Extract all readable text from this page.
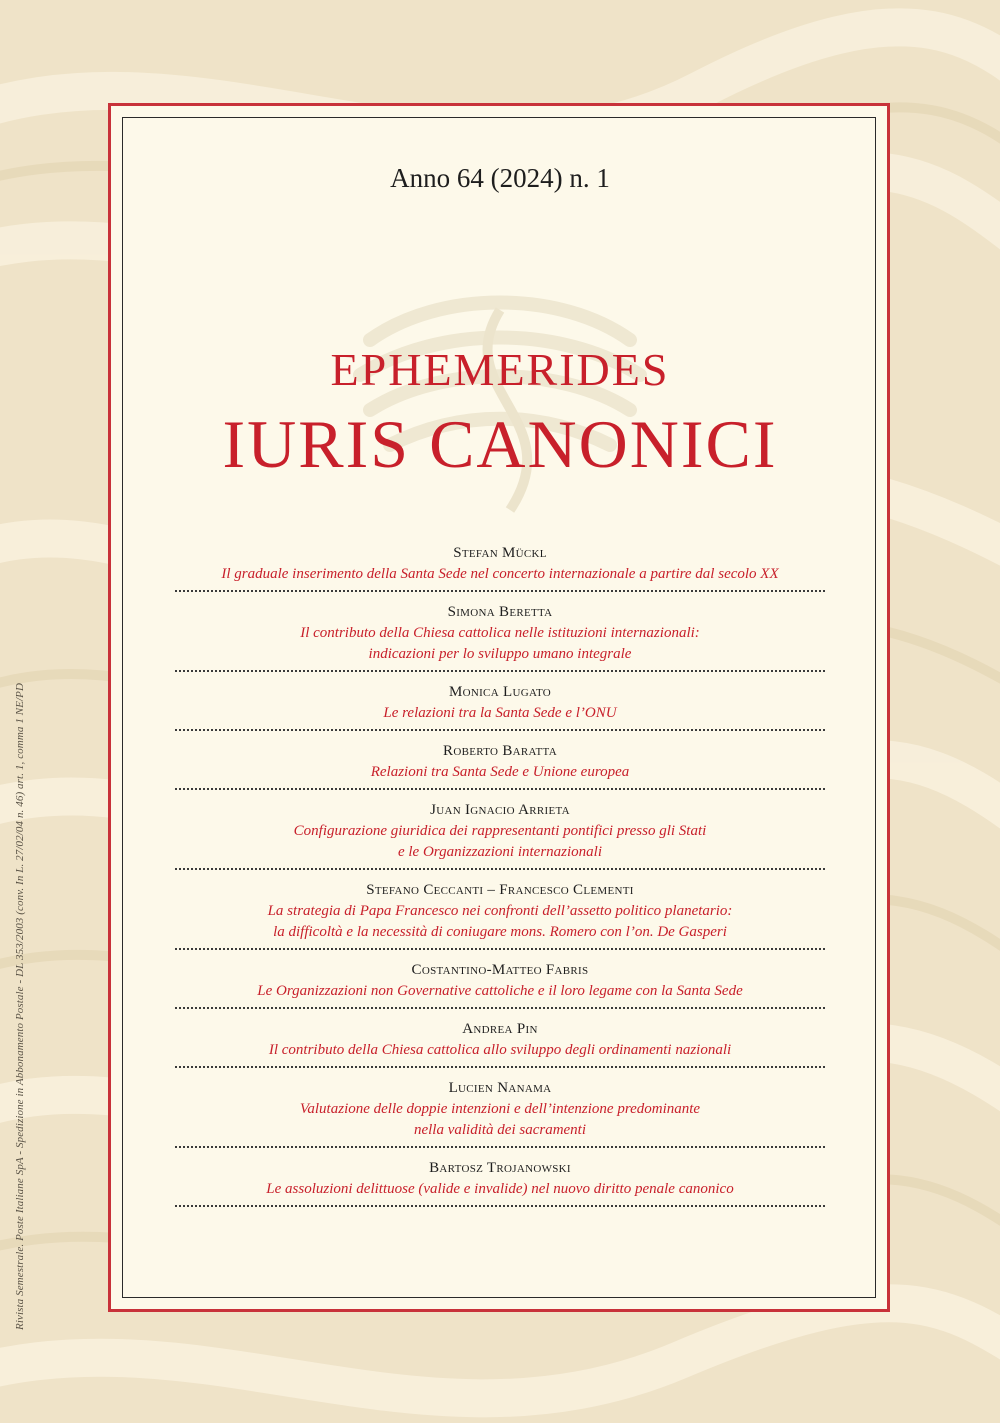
Rivista Semestrale. Poste Italiane SpA - Spedizione in Abbonamento Postale - DL 353/2003 (conv. In L. 27/02/04 n. 46) art. 1, comma 1 NE/PD
Anno 64 (2024) n. 1
EPHEMERIDES
IURIS CANONICI
Stefan Mückl
Il graduale inserimento della Santa Sede nel concerto internazionale a partire dal secolo XX
Simona Beretta
Il contributo della Chiesa cattolica nelle istituzioni internazionali:
indicazioni per lo sviluppo umano integrale
Monica Lugato
Le relazioni tra la Santa Sede e l’ONU
Roberto Baratta
Relazioni tra Santa Sede e Unione europea
Juan Ignacio Arrieta
Configurazione giuridica dei rappresentanti pontifici presso gli Stati
e le Organizzazioni internazionali
Stefano Ceccanti – Francesco Clementi
La strategia di Papa Francesco nei confronti dell’assetto politico planetario:
la difficoltà e la necessità di coniugare mons. Romero con l’on. De Gasperi
Costantino-Matteo Fabris
Le Organizzazioni non Governative cattoliche e il loro legame con la Santa Sede
Andrea Pin
Il contributo della Chiesa cattolica allo sviluppo degli ordinamenti nazionali
Lucien Nanama
Valutazione delle doppie intenzioni e dell’intenzione predominante
nella validità dei sacramenti
Bartosz Trojanowski
Le assoluzioni delittuose (valide e invalide) nel nuovo diritto penale canonico
